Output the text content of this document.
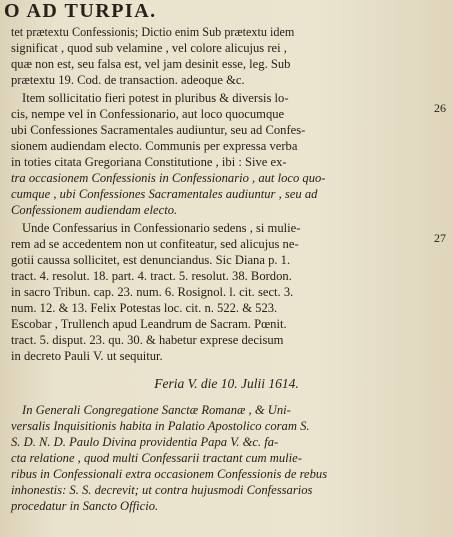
O AD TURPIA.
tet prætextu Confessionis; Dictio enim Sub prætextu idem
significat , quod sub velamine , vel colore alicujus rei ,
quæ non est, seu falsa est, vel jam desinit esse, leg. Sub
prætextu 19. Cod. de transaction. adeoque &c.
Item sollicitatio fieri potest in pluribus & diversis lo-
cis, nempe vel in Confessionario, aut loco quocumque
ubi Confessiones Sacramentales audiuntur, seu ad Confes-
sionem audiendam electo. Communis per expressa verba
in toties citata Gregoriana Constitutione , ibi : Sive ex-
tra occasionem Confessionis in Confessionario , aut loco quo-
cumque , ubi Confessiones Sacramentales audiuntur , seu ad
Confessionem audiendam electo.
Unde Confessarius in Confessionario sedens , si mulie-
rem ad se accedentem non ut confiteatur, sed alicujus ne-
gotii caussa sollicitet, est denunciandus. Sic Diana p. 1.
tract. 4. resolut. 18. part. 4. tract. 5. resolut. 38. Bordon.
in sacro Tribun. cap. 23. num. 6. Rosignol. l. cit. sect. 3.
num. 12. & 13. Felix Potestas loc. cit. n. 522. & 523.
Escobar , Trullench apud Leandrum de Sacram. Pœnit.
tract. 5. disput. 23. qu. 30. & habetur exprese decisum
in decreto Pauli V. ut sequitur.
Feria V. die 10. Julii 1614.
In Generali Congregatione Sanctæ Romanæ , & Uni-
versalis Inquisitionis habita in Palatio Apostolico coram S.
S. D. N. D. Paulo Divina providentia Papa V. &c. fa-
cta relatione , quod multi Confessarii tractant cum mulie-
ribus in Confessionali extra occasionem Confessionis de rebus
inhonestis: S. S. decrevit; ut contra hujusmodi Confessarios
procedatur in Sancto Officio.
26
27
